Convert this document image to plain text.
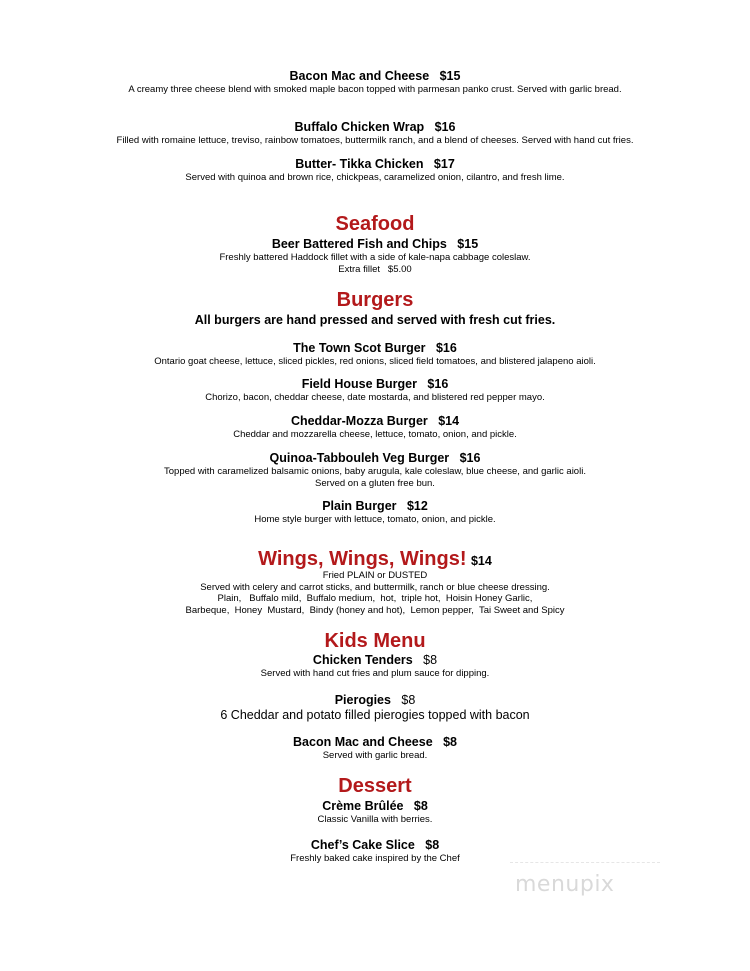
Bacon Mac and Cheese $15
A creamy three cheese blend with smoked maple bacon topped with parmesan panko crust. Served with garlic bread.
Buffalo Chicken Wrap $16
Filled with romaine lettuce, treviso, rainbow tomatoes, buttermilk ranch, and a blend of cheeses. Served with hand cut fries.
Butter- Tikka Chicken $17
Served with quinoa and brown rice, chickpeas, caramelized onion, cilantro, and fresh lime.
Seafood
Beer Battered Fish and Chips $15
Freshly battered Haddock fillet with a side of kale-napa cabbage coleslaw.
Extra fillet   $5.00
Burgers
All burgers are hand pressed and served with fresh cut fries.
The Town Scot Burger $16
Ontario goat cheese, lettuce, sliced pickles, red onions, sliced field tomatoes, and blistered jalapeno aioli.
Field House Burger $16
Chorizo, bacon, cheddar cheese, date mostarda, and blistered red pepper mayo.
Cheddar-Mozza Burger $14
Cheddar and mozzarella cheese, lettuce, tomato, onion, and pickle.
Quinoa-Tabbouleh Veg Burger $16
Topped with caramelized balsamic onions, baby arugula, kale coleslaw, blue cheese, and garlic aioli.
Served on a gluten free bun.
Plain Burger $12
Home style burger with lettuce, tomato, onion, and pickle.
Wings, Wings, Wings! $14
Fried PLAIN or DUSTED
Served with celery and carrot sticks, and buttermilk, ranch or blue cheese dressing.
Plain,   Buffalo mild,  Buffalo medium,  hot,  triple hot,  Hoisin Honey Garlic,
Barbeque,  Honey  Mustard,  Bindy (honey and hot),  Lemon pepper,  Tai Sweet and Spicy
Kids Menu
Chicken Tenders $8
Served with hand cut fries and plum sauce for dipping.
Pierogies $8
6 Cheddar and potato filled pierogies topped with bacon
Bacon Mac and Cheese $8
Served with garlic bread.
Dessert
Crème Brûlée $8
Classic Vanilla with berries.
Chef’s Cake Slice $8
Freshly baked cake inspired by the Chef
menupix
